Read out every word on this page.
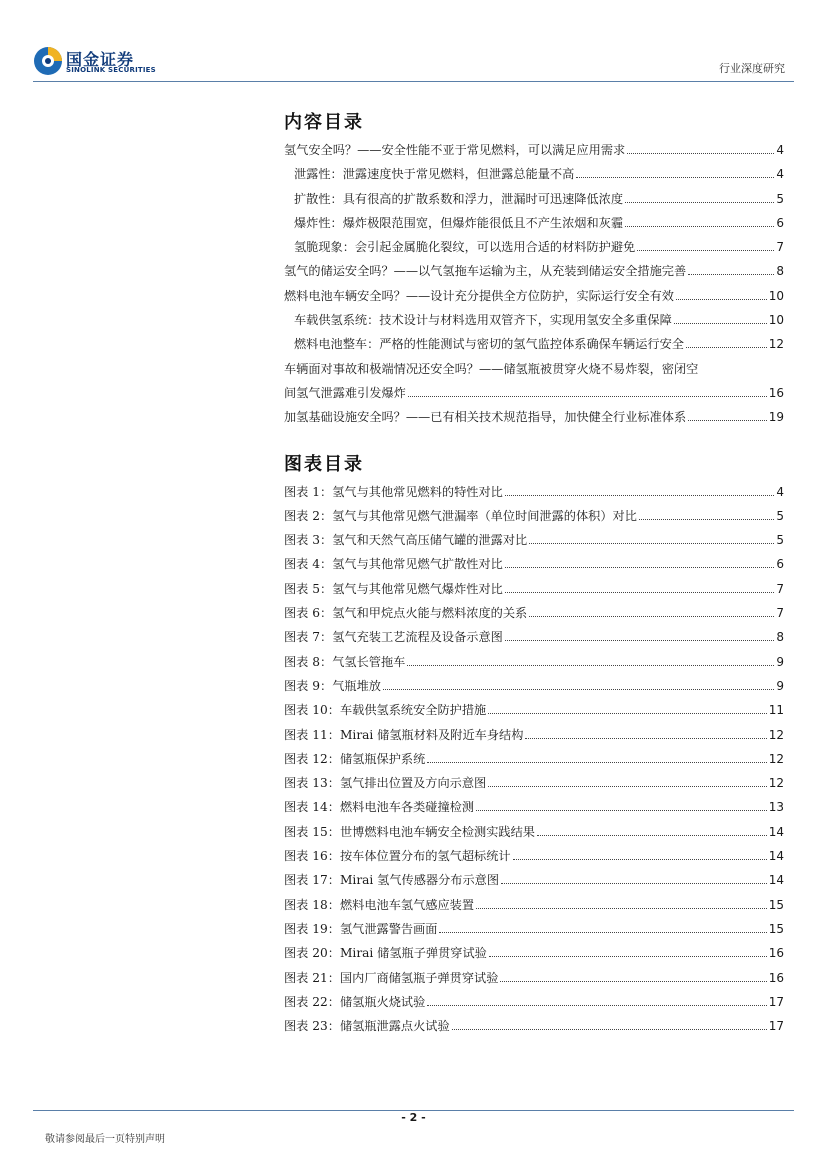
国金证券
SINOLINK SECURITIES	行业深度研究
内容目录
氢气安全吗？——安全性能不亚于常见燃料，可以满足应用需求	4
泄露性：泄露速度快于常见燃料，但泄露总能量不高	4
扩散性：具有很高的扩散系数和浮力，泄漏时可迅速降低浓度	5
爆炸性：爆炸极限范围宽，但爆炸能很低且不产生浓烟和灰霾	6
氢脆现象：会引起金属脆化裂纹，可以选用合适的材料防护避免	7
氢气的储运安全吗？——以气氢拖车运输为主，从充装到储运安全措施完善	8
燃料电池车辆安全吗？——设计充分提供全方位防护，实际运行安全有效	10
车载供氢系统：技术设计与材料选用双管齐下，实现用氢安全多重保障	10
燃料电池整车：严格的性能测试与密切的氢气监控体系确保车辆运行安全	12
车辆面对事故和极端情况还安全吗？——储氢瓶被贯穿火烧不易炸裂，密闭空
间氢气泄露难引发爆炸	16
加氢基础设施安全吗？——已有相关技术规范指导，加快健全行业标准体系	19
图表目录
图表 1：氢气与其他常见燃料的特性对比	4
图表 2：氢气与其他常见燃气泄漏率（单位时间泄露的体积）对比	5
图表 3：氢气和天然气高压储气罐的泄露对比	5
图表 4：氢气与其他常见燃气扩散性对比	6
图表 5：氢气与其他常见燃气爆炸性对比	7
图表 6：氢气和甲烷点火能与燃料浓度的关系	7
图表 7：氢气充装工艺流程及设备示意图	8
图表 8：气氢长管拖车	9
图表 9：气瓶堆放	9
图表 10：车载供氢系统安全防护措施	11
图表 11：Mirai 储氢瓶材料及附近车身结构	12
图表 12：储氢瓶保护系统	12
图表 13：氢气排出位置及方向示意图	12
图表 14：燃料电池车各类碰撞检测	13
图表 15：世博燃料电池车辆安全检测实践结果	14
图表 16：按车体位置分布的氢气超标统计	14
图表 17：Mirai 氢气传感器分布示意图	14
图表 18：燃料电池车氢气感应装置	15
图表 19：氢气泄露警告画面	15
图表 20：Mirai 储氢瓶子弹贯穿试验	16
图表 21：国内厂商储氢瓶子弹贯穿试验	16
图表 22：储氢瓶火烧试验	17
图表 23：储氢瓶泄露点火试验	17
- 2 -
敬请参阅最后一页特别声明
